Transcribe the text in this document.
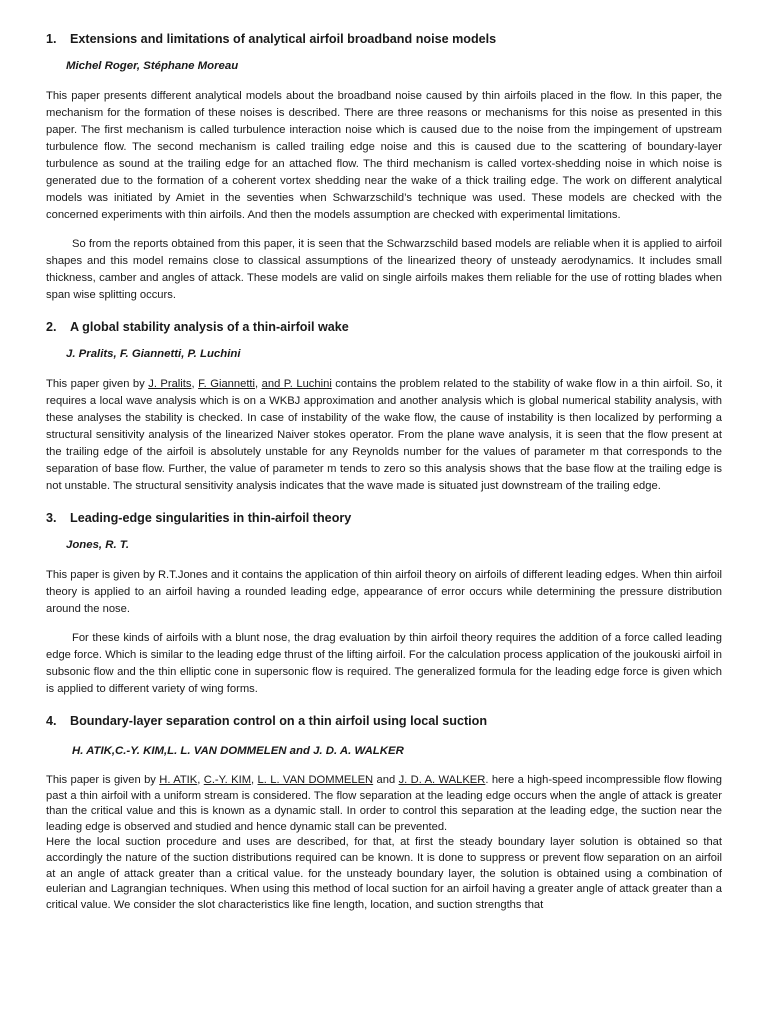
1. Extensions and limitations of analytical airfoil broadband noise models
Michel Roger, Stéphane Moreau

This paper presents different analytical models about the broadband noise caused by thin airfoils placed in the flow. In this paper, the mechanism for the formation of these noises is described. There are three reasons or mechanisms for this noise as presented in this paper. The first mechanism is called turbulence interaction noise which is caused due to the noise from the impingement of upstream turbulence flow. The second mechanism is called trailing edge noise and this is caused due to the scattering of boundary-layer turbulence as sound at the trailing edge for an attached flow. The third mechanism is called vortex-shedding noise in which noise is generated due to the formation of a coherent vortex shedding near the wake of a thick trailing edge. The work on different analytical models was initiated by Amiet in the seventies when Schwarzschild’s technique was used. These models are checked with the concerned experiments with thin airfoils. And then the models assumption are checked with experimental limitations.

So from the reports obtained from this paper, it is seen that the Schwarzschild based models are reliable when it is applied to airfoil shapes and this model remains close to classical assumptions of the linearized theory of unsteady aerodynamics. It includes small thickness, camber and angles of attack. These models are valid on single airfoils makes them reliable for the use of rotting blades when span wise splitting occurs.

2. A global stability analysis of a thin-airfoil wake
J. Pralits, F. Giannetti, P. Luchini

This paper given by J. Pralits, F. Giannetti, and P. Luchini contains the problem related to the stability of wake flow in a thin airfoil. So, it requires a local wave analysis which is on a WKBJ approximation and another analysis which is global numerical stability analysis, with these analyses the stability is checked. In case of instability of the wake flow, the cause of instability is then localized by performing a structural sensitivity analysis of the linearized Naiver stokes operator. From the plane wave analysis, it is seen that the flow present at the trailing edge of the airfoil is absolutely unstable for any Reynolds number for the values of parameter m that corresponds to the separation of base flow. Further, the value of parameter m tends to zero so this analysis shows that the base flow at the trailing edge is not unstable. The structural sensitivity analysis indicates that the wave made is situated just downstream of the trailing edge.

3. Leading-edge singularities in thin-airfoil theory
Jones, R. T.

This paper is given by R.T.Jones and it contains the application of thin airfoil theory on airfoils of different leading edges. When thin airfoil theory is applied to an airfoil having a rounded leading edge, appearance of error occurs while determining the pressure distribution around the nose.

For these kinds of airfoils with a blunt nose, the drag evaluation by thin airfoil theory requires the addition of a force called leading edge force. Which is similar to the leading edge thrust of the lifting airfoil. For the calculation process application of the joukouski airfoil in subsonic flow and the thin elliptic cone in supersonic flow is required. The generalized formula for the leading edge force is given which is applied to different variety of wing forms.

4. Boundary-layer separation control on a thin airfoil using local suction
H. ATIK,C.-Y. KIM,L. L. VAN DOMMELEN and J. D. A. WALKER

This paper is given by H. ATIK, C.-Y. KIM, L. L. VAN DOMMELEN and J. D. A. WALKER. here a high-speed incompressible flow flowing past a thin airfoil with a uniform stream is considered. The flow separation at the leading edge occurs when the angle of attack is greater than the critical value and this is known as a dynamic stall. In order to control this separation at the leading edge, the suction near the leading edge is observed and studied and hence dynamic stall can be prevented.

Here the local suction procedure and uses are described, for that, at first the steady boundary layer solution is obtained so that accordingly the nature of the suction distributions required can be known. It is done to suppress or prevent flow separation on an airfoil at an angle of attack greater than a critical value. for the unsteady boundary layer, the solution is obtained using a combination of eulerian and Lagrangian techniques. When using this method of local suction for an airfoil having a greater angle of attack greater than a critical value. We consider the slot characteristics like fine length, location, and suction strengths that
